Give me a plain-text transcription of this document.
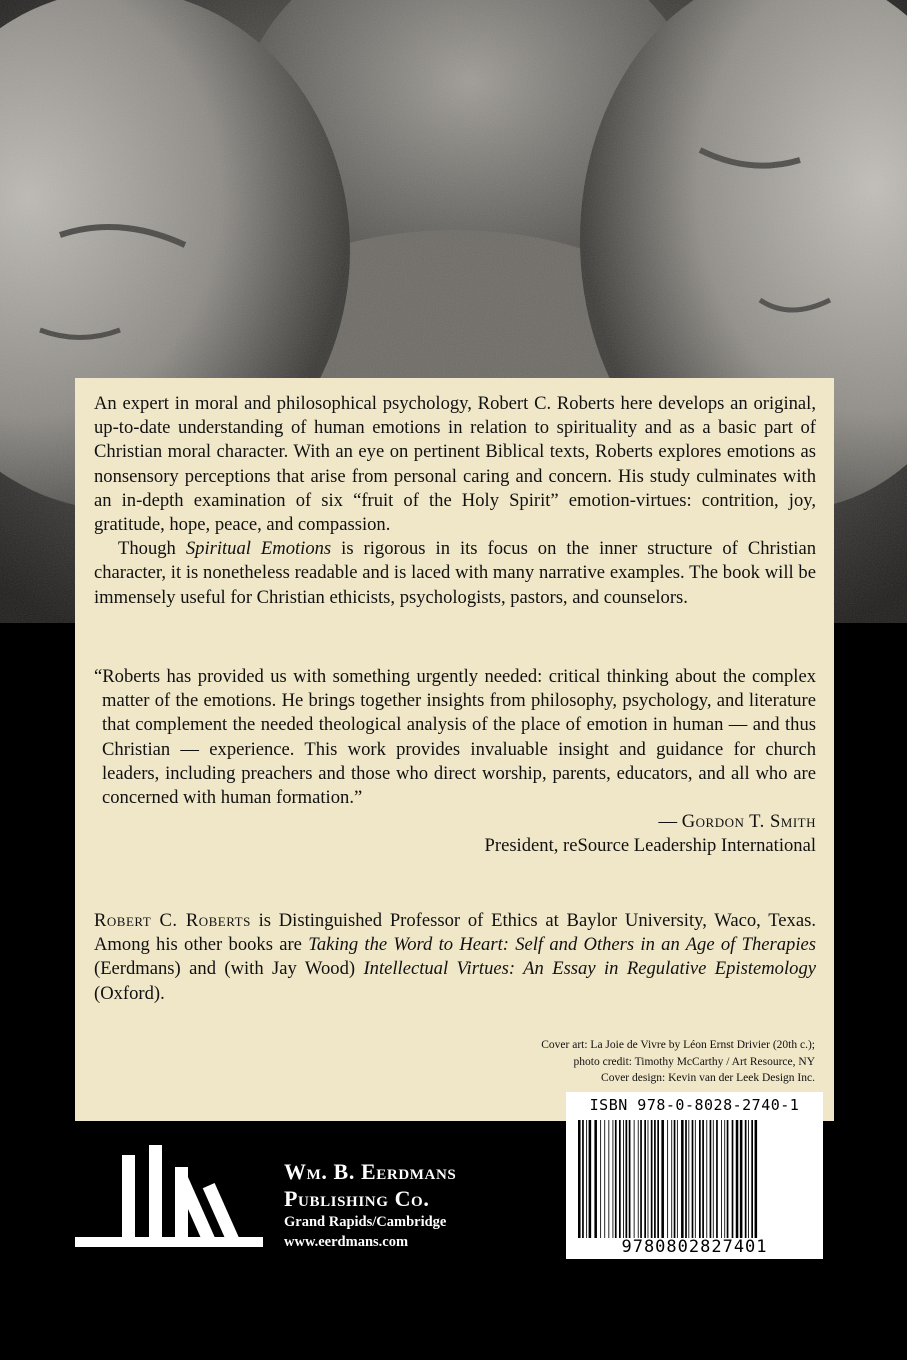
An expert in moral and philosophical psychology, Robert C. Roberts here develops an original, up-to-date understanding of human emotions in relation to spirituality and as a basic part of Christian moral character. With an eye on pertinent Biblical texts, Roberts explores emotions as nonsensory perceptions that arise from personal caring and concern. His study culminates with an in-depth examination of six “fruit of the Holy Spirit” emotion-virtues: contrition, joy, gratitude, hope, peace, and compassion.

Though Spiritual Emotions is rigorous in its focus on the inner structure of Christian character, it is nonetheless readable and is laced with many narrative examples. The book will be immensely useful for Christian ethicists, psychologists, pastors, and counselors.

“Roberts has provided us with something urgently needed: critical thinking about the complex matter of the emotions. He brings together insights from philosophy, psychology, and literature that complement the needed theological analysis of the place of emotion in human — and thus Christian — experience. This work provides invaluable insight and guidance for church leaders, including preachers and those who direct worship, parents, educators, and all who are concerned with human formation.”

— Gordon T. Smith
President, reSource Leadership International
Robert C. Roberts is Distinguished Professor of Ethics at Baylor University, Waco, Texas. Among his other books are Taking the Word to Heart: Self and Others in an Age of Therapies (Eerdmans) and (with Jay Wood) Intellectual Virtues: An Essay in Regulative Epistemology (Oxford).
Cover art: La Joie de Vivre by Léon Ernst Drivier (20th c.);
photo credit: Timothy McCarthy / Art Resource, NY
Cover design: Kevin van der Leek Design Inc.
ISBN 978-0-8028-2740-1
9780802827401
Wm. B. Eerdmans
Publishing Co.
Grand Rapids/Cambridge
www.eerdmans.com
